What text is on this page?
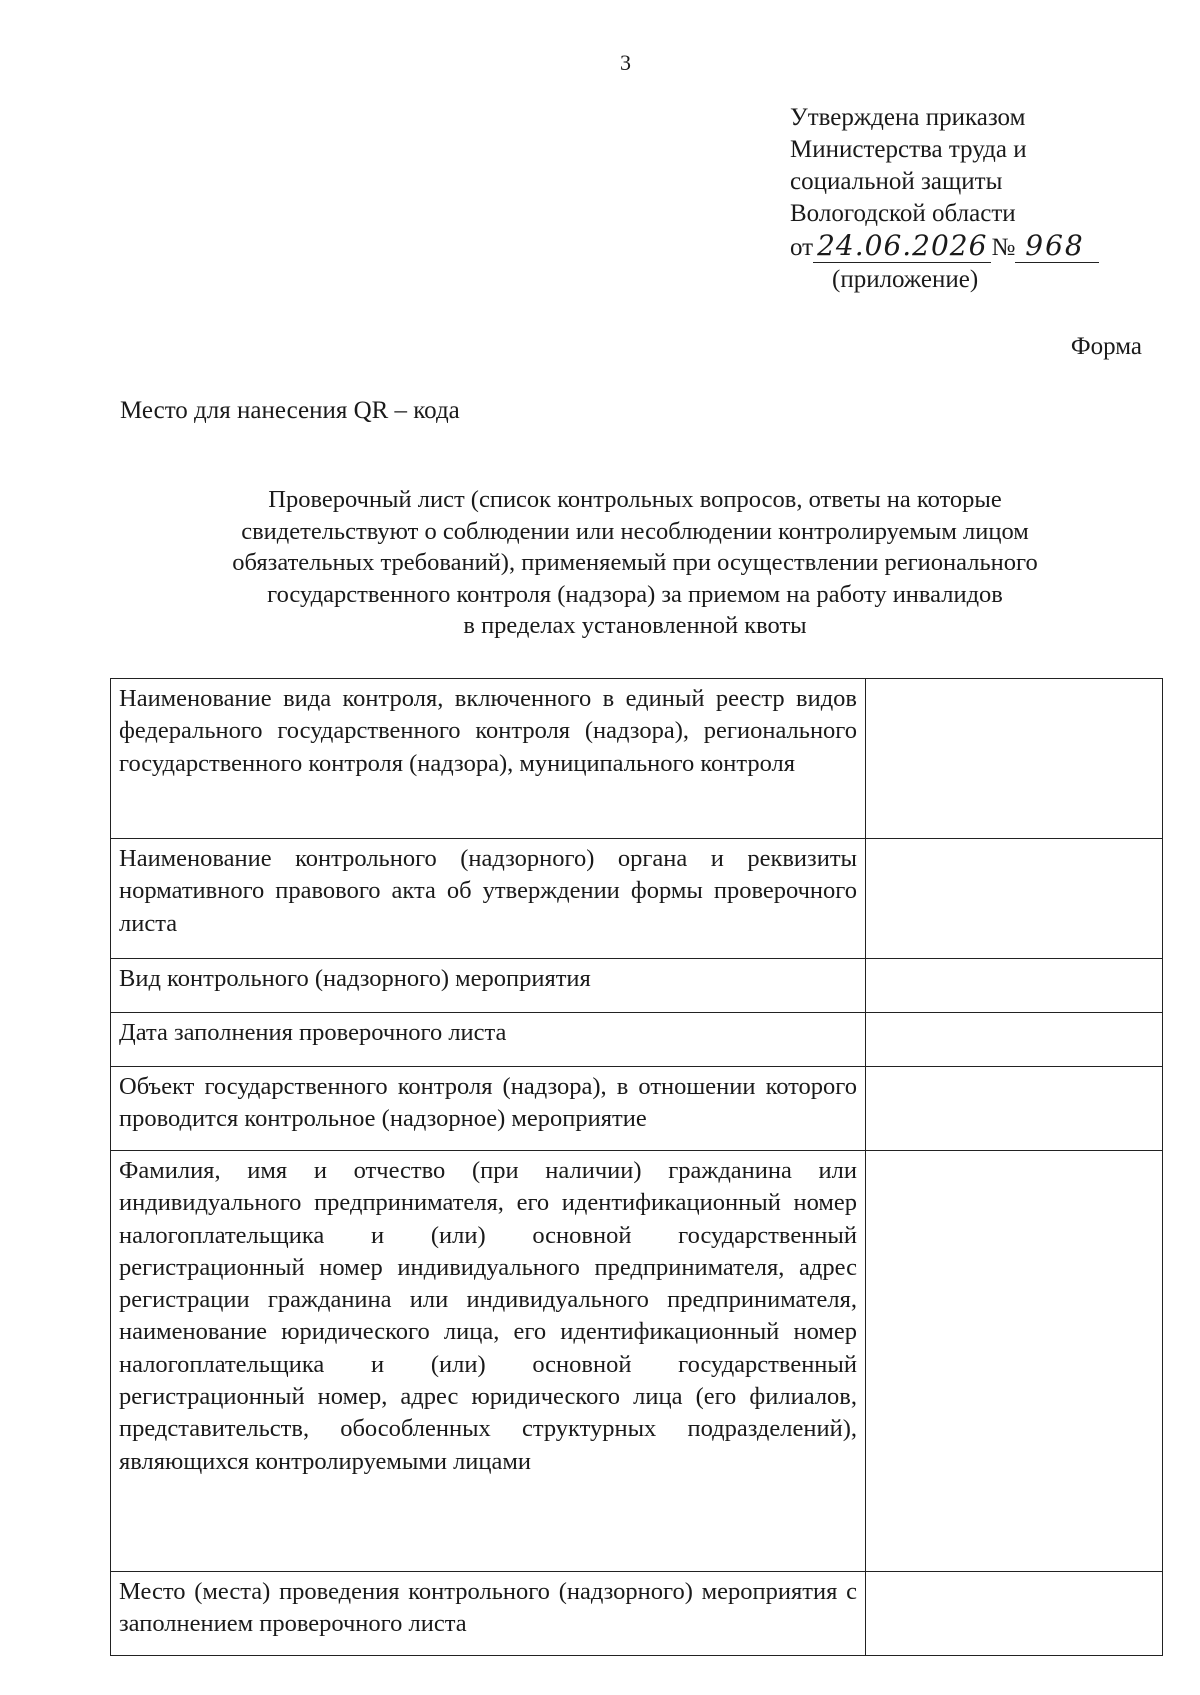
3
Утверждена приказом
Министерства труда и
социальной защиты
Вологодской области
от 24.06.2026 № 968
(приложение)
Форма
Место для нанесения QR – кода
Проверочный лист (список контрольных вопросов, ответы на которые
свидетельствуют о соблюдении или несоблюдении контролируемым лицом
обязательных требований), применяемый при осуществлении регионального
государственного контроля (надзора) за приемом на работу инвалидов
в пределах установленной квоты
Наименование вида контроля, включенного в единый реестр видов федерального государственного контроля (надзора), регионального государственного контроля (надзора), муниципального контроля	
Наименование контрольного (надзорного) органа и реквизиты нормативного правового акта об утверждении формы проверочного листа	
Вид контрольного (надзорного) мероприятия	
Дата заполнения проверочного листа	
Объект государственного контроля (надзора), в отношении которого проводится контрольное (надзорное) мероприятие	
Фамилия, имя и отчество (при наличии) гражданина или индивидуального предпринимателя, его идентификационный номер налогоплательщика и (или) основной государственный регистрационный номер индивидуального предпринимателя, адрес регистрации гражданина или индивидуального предпринимателя, наименование юридического лица, его идентификационный номер налогоплательщика и (или) основной государственный регистрационный номер, адрес юридического лица (его филиалов, представительств, обособленных структурных подразделений), являющихся контролируемыми лицами	
Место (места) проведения контрольного (надзорного) мероприятия с заполнением проверочного листа	
